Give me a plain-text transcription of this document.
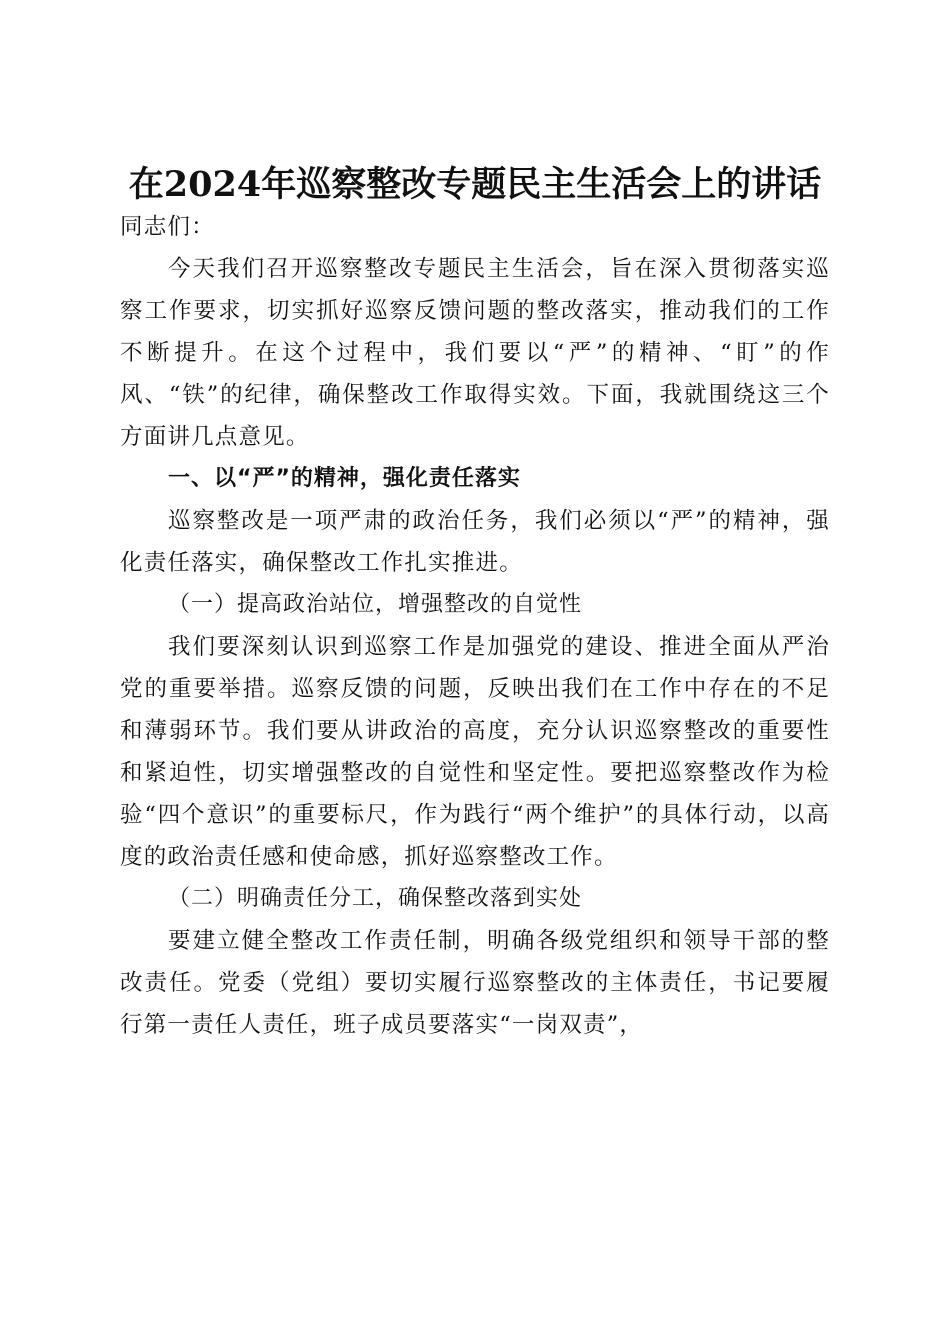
在2024年巡察整改专题民主生活会上的讲话

同志们：

今天我们召开巡察整改专题民主生活会，旨在深入贯彻落实巡察工作要求，切实抓好巡察反馈问题的整改落实，推动我们的工作不断提升。在这个过程中，我们要以“严”的精神、“盯”的作风、“铁”的纪律，确保整改工作取得实效。下面，我就围绕这三个方面讲几点意见。

一、以“严”的精神，强化责任落实

巡察整改是一项严肃的政治任务，我们必须以“严”的精神，强化责任落实，确保整改工作扎实推进。

（一）提高政治站位，增强整改的自觉性

我们要深刻认识到巡察工作是加强党的建设、推进全面从严治党的重要举措。巡察反馈的问题，反映出我们在工作中存在的不足和薄弱环节。我们要从讲政治的高度，充分认识巡察整改的重要性和紧迫性，切实增强整改的自觉性和坚定性。要把巡察整改作为检验“四个意识”的重要标尺，作为践行“两个维护”的具体行动，以高度的政治责任感和使命感，抓好巡察整改工作。

（二）明确责任分工，确保整改落到实处

要建立健全整改工作责任制，明确各级党组织和领导干部的整改责任。党委（党组）要切实履行巡察整改的主体责任，书记要履行第一责任人责任，班子成员要落实“一岗双责”，
